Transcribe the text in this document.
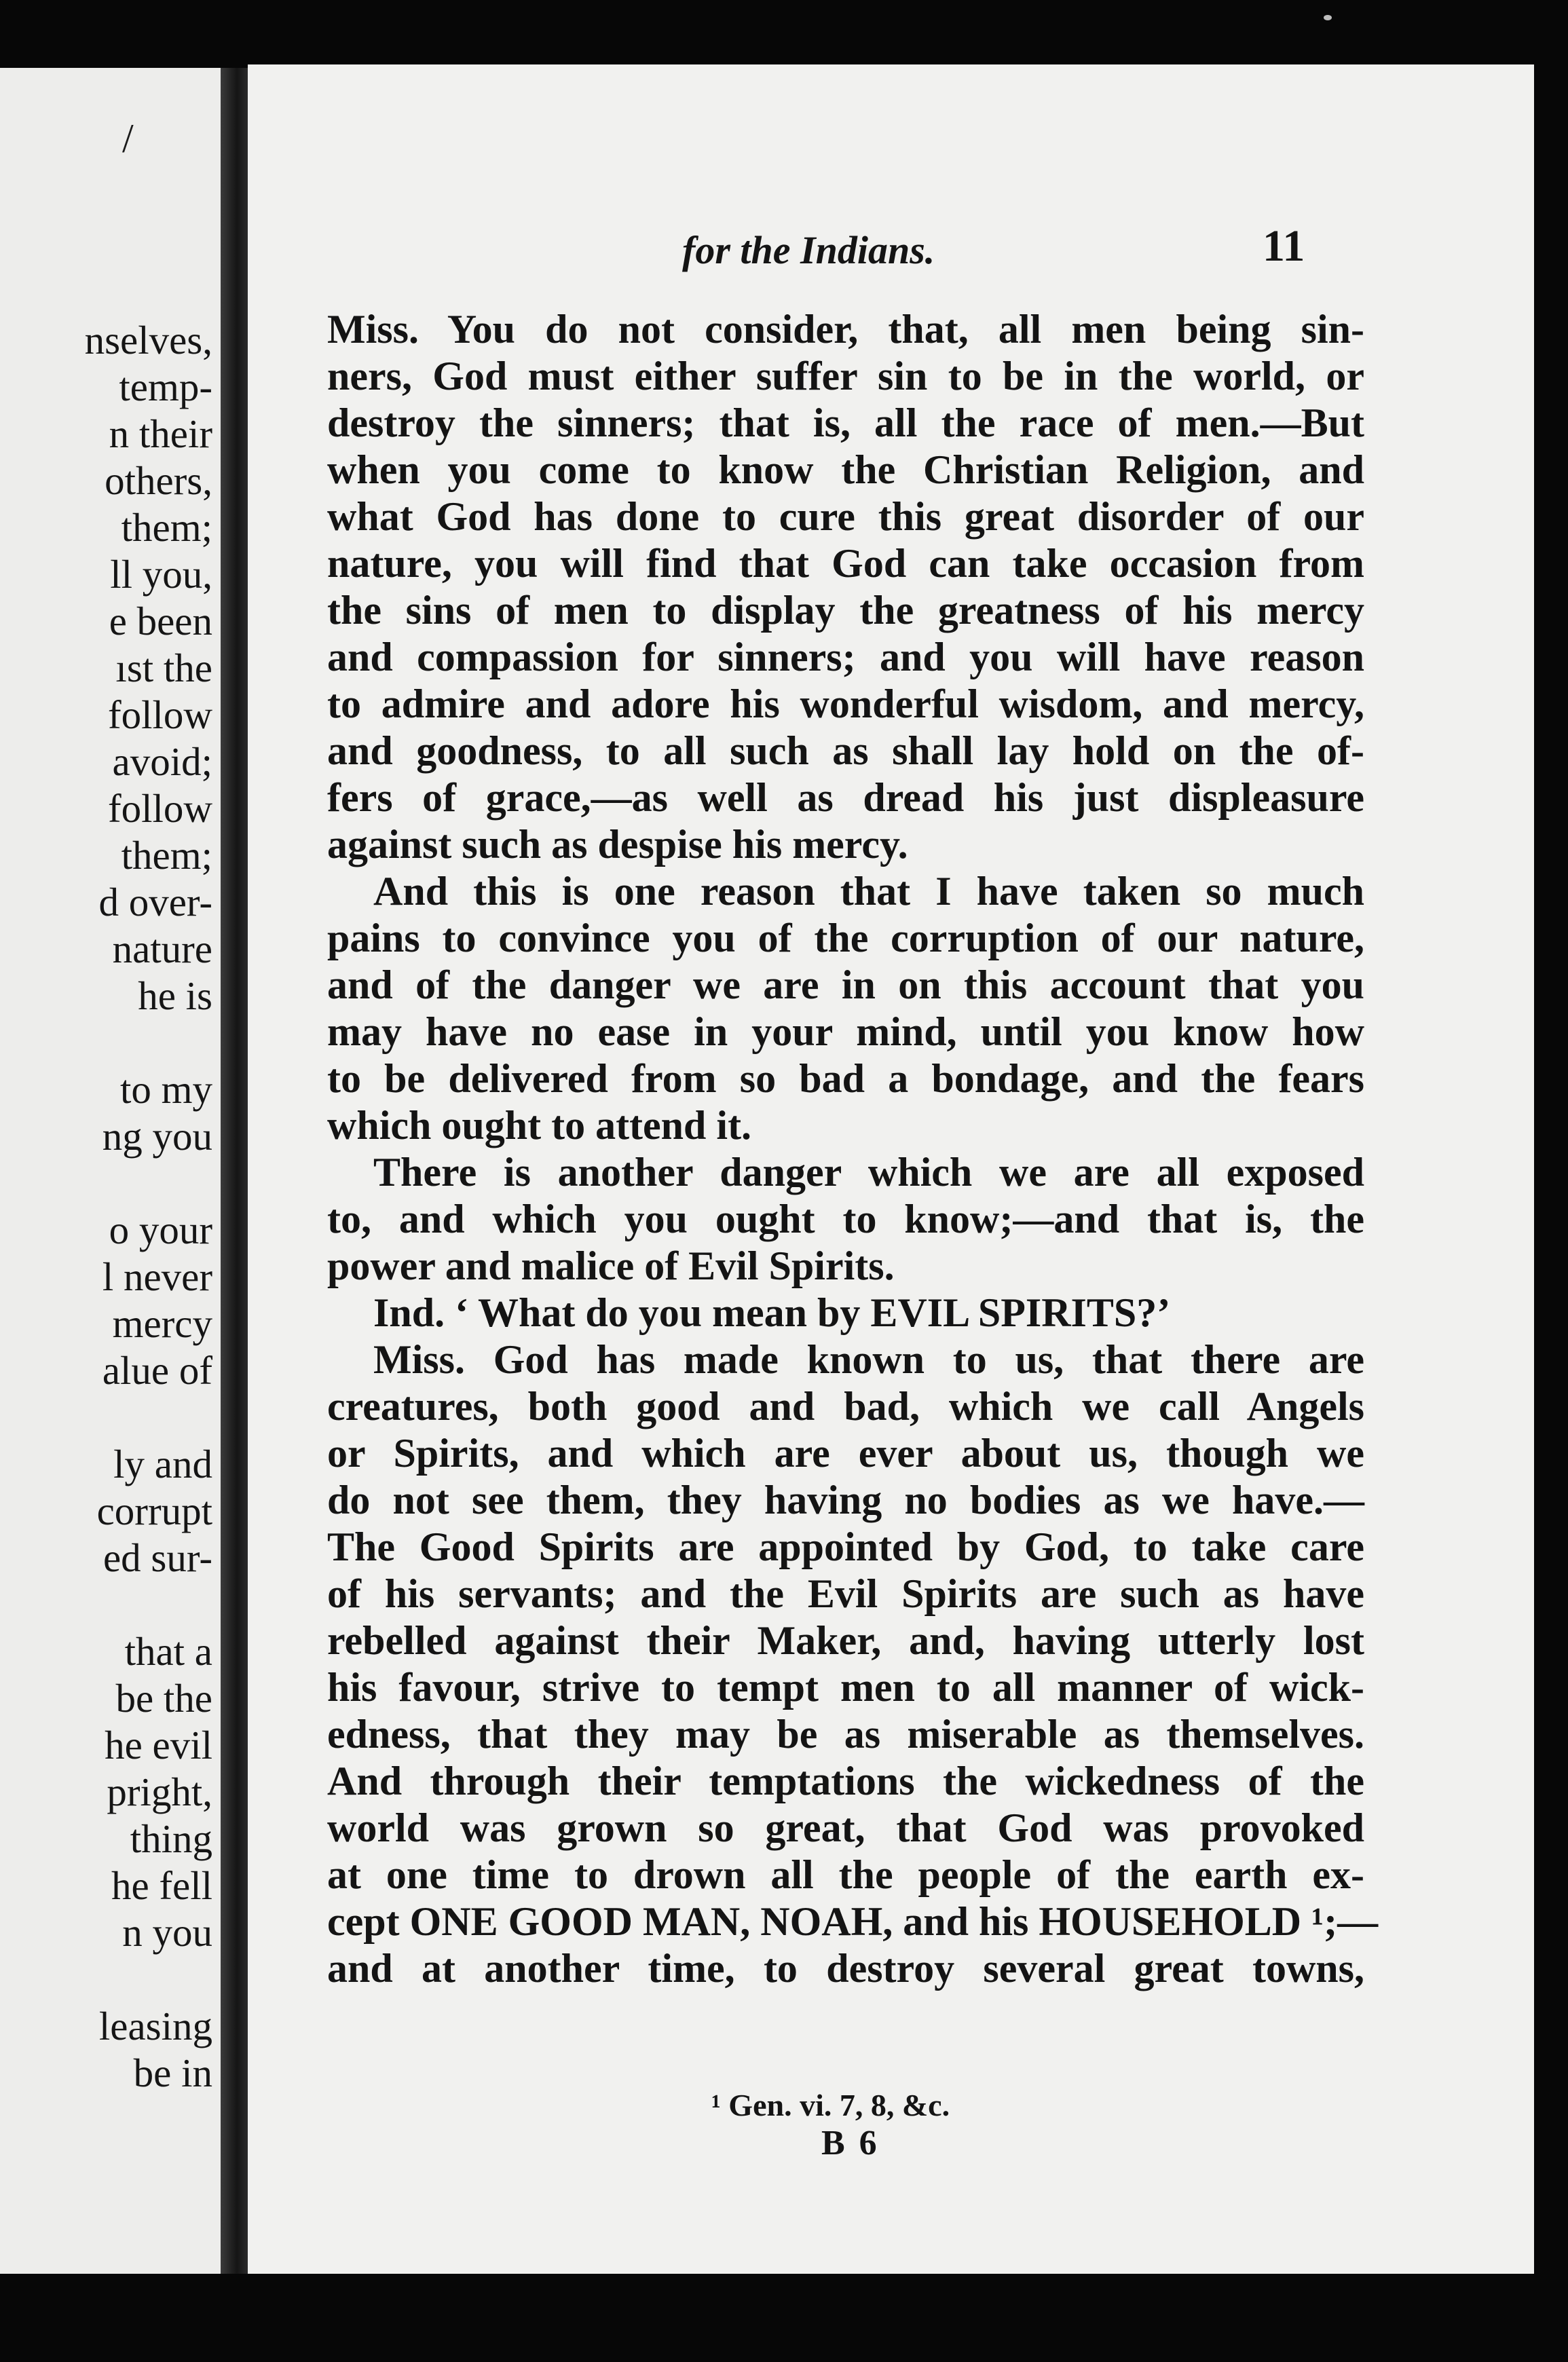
/
nselves,
temp-
n their
others,
them;
ll you,
e been
ıst the
follow
avoid;
follow
them;
d over-
nature
he is
to my
ng you
o your
l never
mercy
alue of
ly and
corrupt
ed sur-
that a
be the
he evil
pright,
thing
he fell
n you
leasing
be in
for the Indians.	11
Miss. You do not consider, that, all men being sin-
ners, God must either suffer sin to be in the world, or
destroy the sinners; that is, all the race of men.—But
when you come to know the Christian Religion, and
what God has done to cure this great disorder of our
nature, you will find that God can take occasion from
the sins of men to display the greatness of his mercy
and compassion for sinners; and you will have reason
to admire and adore his wonderful wisdom, and mercy,
and goodness, to all such as shall lay hold on the of-
fers of grace,—as well as dread his just displeasure
against such as despise his mercy.
And this is one reason that I have taken so much
pains to convince you of the corruption of our nature,
and of the danger we are in on this account that you
may have no ease in your mind, until you know how
to be delivered from so bad a bondage, and the fears
which ought to attend it.
There is another danger which we are all exposed
to, and which you ought to know;—and that is, the
power and malice of Evil Spirits.
Ind. ‘ What do you mean by EVIL SPIRITS?’
Miss. God has made known to us, that there are
creatures, both good and bad, which we call Angels
or Spirits, and which are ever about us, though we
do not see them, they having no bodies as we have.—
The Good Spirits are appointed by God, to take care
of his servants; and the Evil Spirits are such as have
rebelled against their Maker, and, having utterly lost
his favour, strive to tempt men to all manner of wick-
edness, that they may be as miserable as themselves.
And through their temptations the wickedness of the
world was grown so great, that God was provoked
at one time to drown all the people of the earth ex-
cept ONE GOOD MAN, NOAH, and his HOUSEHOLD ¹;—
and at another time, to destroy several great towns,
¹ Gen. vi. 7, 8, &c.
B 6
